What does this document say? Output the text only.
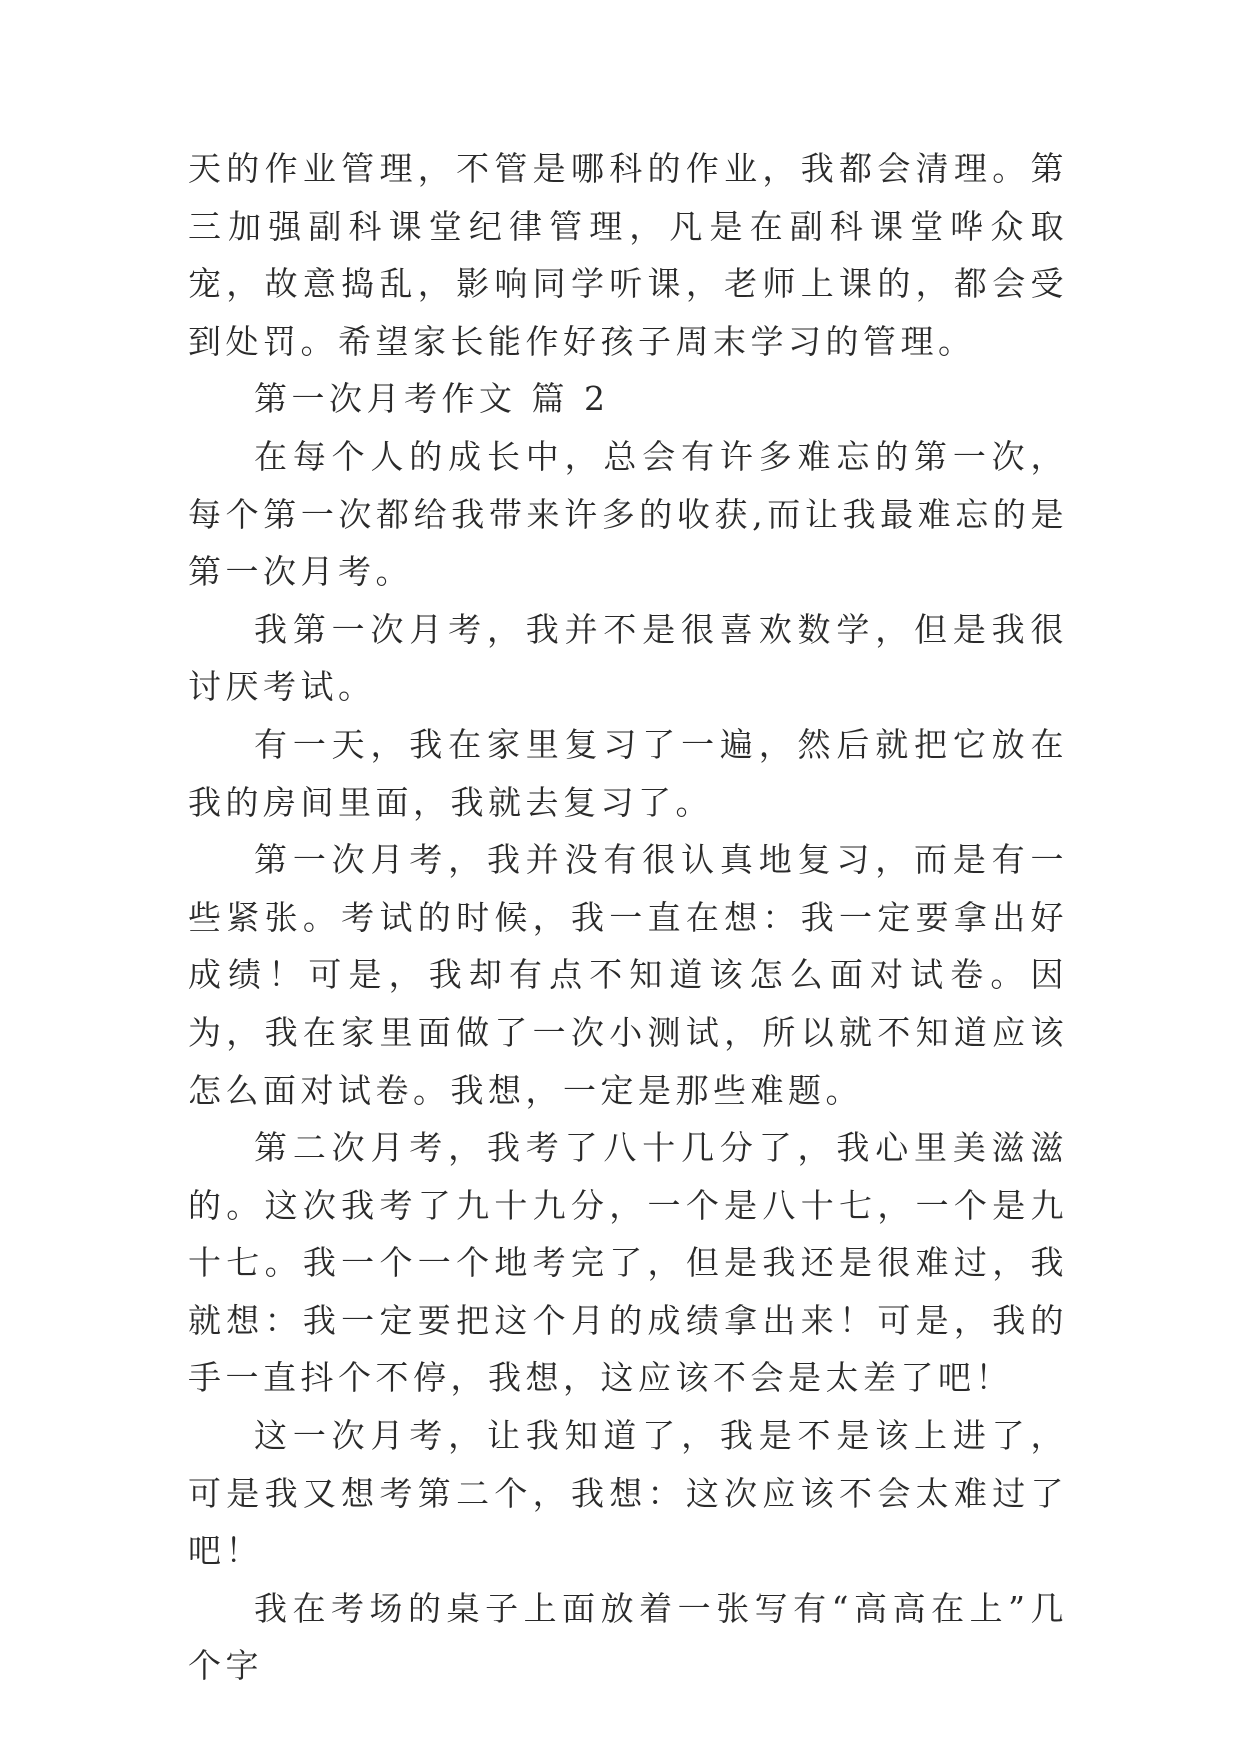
天的作业管理，不管是哪科的作业，我都会清理。第三加强副科课堂纪律管理，凡是在副科课堂哗众取宠，故意捣乱，影响同学听课，老师上课的，都会受到处罚。希望家长能作好孩子周末学习的管理。

第一次月考作文 篇 2

在每个人的成长中，总会有许多难忘的第一次，每个第一次都给我带来许多的收获,而让我最难忘的是第一次月考。

我第一次月考，我并不是很喜欢数学，但是我很讨厌考试。

有一天，我在家里复习了一遍，然后就把它放在我的房间里面，我就去复习了。

第一次月考，我并没有很认真地复习，而是有一些紧张。考试的时候，我一直在想：我一定要拿出好成绩！可是，我却有点不知道该怎么面对试卷。因为，我在家里面做了一次小测试，所以就不知道应该怎么面对试卷。我想，一定是那些难题。

第二次月考，我考了八十几分了，我心里美滋滋的。这次我考了九十九分，一个是八十七，一个是九十七。我一个一个地考完了，但是我还是很难过，我就想：我一定要把这个月的成绩拿出来！可是，我的手一直抖个不停，我想，这应该不会是太差了吧！

这一次月考，让我知道了，我是不是该上进了，可是我又想考第二个，我想：这次应该不会太难过了吧！

我在考场的桌子上面放着一张写有“高高在上”几个字
